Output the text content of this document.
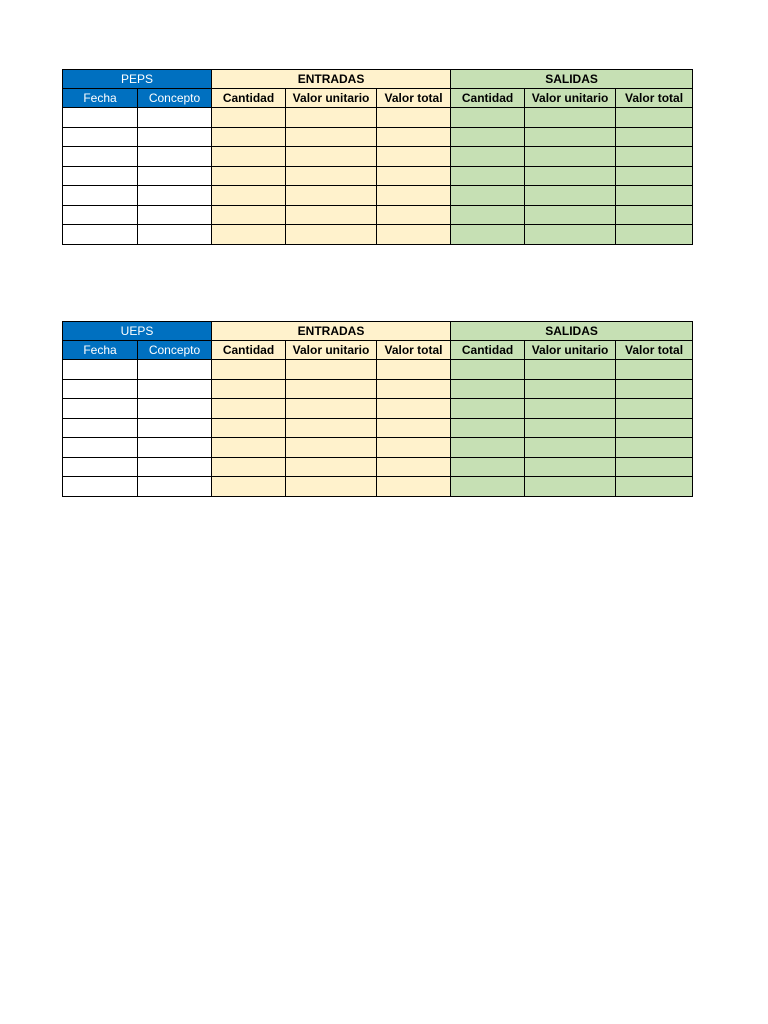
PEPS		ENTRADAS			SALIDAS		
Fecha	Concepto	Cantidad	Valor unitario	Valor total	Cantidad	Valor unitario	Valor total

UEPS		ENTRADAS			SALIDAS		
Fecha	Concepto	Cantidad	Valor unitario	Valor total	Cantidad	Valor unitario	Valor total
